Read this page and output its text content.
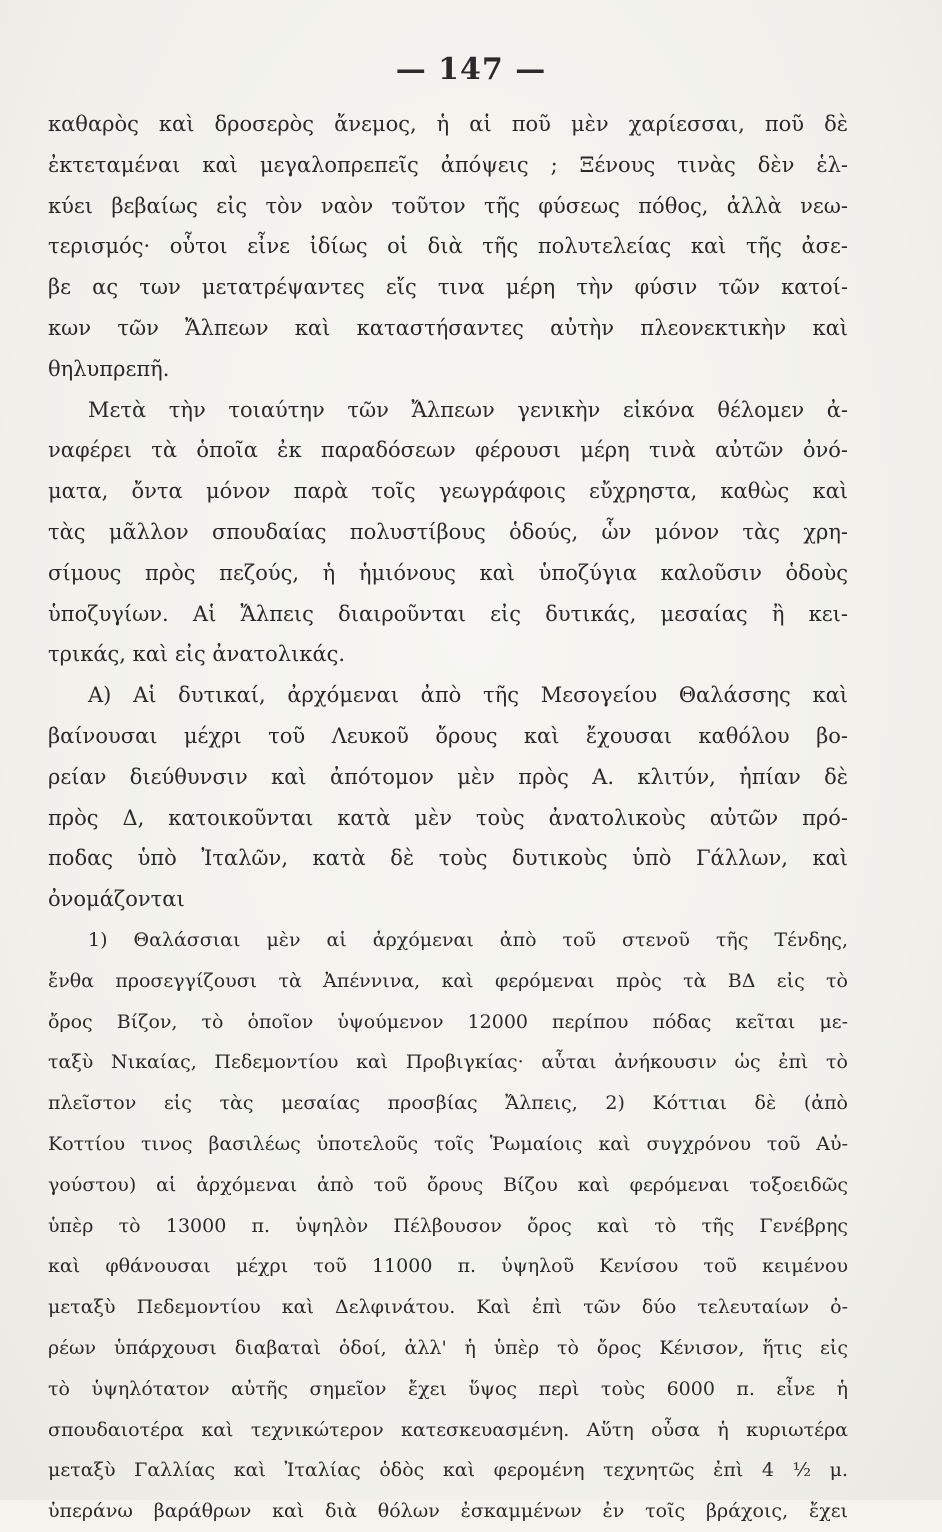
— 147 —
καθαρὸς καὶ δροσερὸς ἄνεμος, ἡ αἱ ποῦ μὲν χαρίεσσαι, ποῦ δὲ
ἐκτεταμέναι καὶ μεγαλοπρεπεῖς ἀπόψεις ; Ξένους τινὰς δὲν ἑλ-
κύει βεβαίως εἰς τὸν ναὸν τοῦτον τῆς φύσεως πόθος, ἀλλὰ νεω-
τερισμός· οὗτοι εἶνε ἰδίως οἱ διὰ τῆς πολυτελείας καὶ τῆς ἀσε-
βε ας των μετατρέψαντες εἴς τινα μέρη τὴν φύσιν τῶν κατοί-
κων τῶν Ἄλπεων καὶ καταστήσαντες αὐτὴν πλεονεκτικὴν καὶ
θηλυπρεπῆ.
Μετὰ τὴν τοιαύτην τῶν Ἄλπεων γενικὴν εἰκόνα θέλομεν ἀ-
ναφέρει τὰ ὁποῖα ἐκ παραδόσεων φέρουσι μέρη τινὰ αὐτῶν ὀνό-
ματα, ὄντα μόνον παρὰ τοῖς γεωγράφοις εὔχρηστα, καθὼς καὶ
τὰς μᾶλλον σπουδαίας πολυστίβους ὁδούς, ὧν μόνον τὰς χρη-
σίμους πρὸς πεζούς, ἡ ἡμιόνους καὶ ὑποζύγια καλοῦσιν ὁδοὺς
ὑποζυγίων. Αἱ Ἄλπεις διαιροῦνται εἰς δυτικάς, μεσαίας ἢ κει-
τρικάς, καὶ εἰς ἀνατολικάς.
Α) Αἱ δυτικαί, ἀρχόμεναι ἀπὸ τῆς Μεσογείου Θαλάσσης καὶ
βαίνουσαι μέχρι τοῦ Λευκοῦ ὄρους καὶ ἔχουσαι καθόλου βο-
ρείαν διεύθυνσιν καὶ ἀπότομον μὲν πρὸς Α. κλιτύν, ἠπίαν δὲ
πρὸς Δ, κατοικοῦνται κατὰ μὲν τοὺς ἀνατολικοὺς αὐτῶν πρό-
ποδας ὑπὸ Ἰταλῶν, κατὰ δὲ τοὺς δυτικοὺς ὑπὸ Γάλλων, καὶ
ὀνομάζονται
1) Θαλάσσιαι μὲν αἱ ἀρχόμεναι ἀπὸ τοῦ στενοῦ τῆς Τένδης,
ἔνθα προσεγγίζουσι τὰ Ἀπέννινα, καὶ φερόμεναι πρὸς τὰ ΒΔ εἰς τὸ
ὄρος Βίζον, τὸ ὁποῖον ὑψούμενον 12000 περίπου πόδας κεῖται με-
ταξὺ Νικαίας, Πεδεμοντίου καὶ Προβιγκίας· αὗται ἀνήκουσιν ὡς ἐπὶ τὸ
πλεῖστον εἰς τὰς μεσαίας προσβίας Ἄλπεις, 2) Κόττιαι δὲ (ἀπὸ
Κοττίου τινος βασιλέως ὑποτελοῦς τοῖς Ῥωμαίοις καὶ συγχρόνου τοῦ Αὐ-
γούστου) αἱ ἀρχόμεναι ἀπὸ τοῦ ὄρους Βίζου καὶ φερόμεναι τοξοειδῶς
ὑπὲρ τὸ 13000 π. ὑψηλὸν Πέλβουσον ὄρος καὶ τὸ τῆς Γενέβρης
καὶ φθάνουσαι μέχρι τοῦ 11000 π. ὑψηλοῦ Κενίσου τοῦ κειμένου
μεταξὺ Πεδεμοντίου καὶ Δελφινάτου. Καὶ ἐπὶ τῶν δύο τελευταίων ὀ-
ρέων ὑπάρχουσι διαβαταὶ ὁδοί, ἀλλ' ἡ ὑπὲρ τὸ ὄρος Κένισον, ἥτις εἰς
τὸ ὑψηλότατον αὐτῆς σημεῖον ἔχει ὕψος περὶ τοὺς 6000 π. εἶνε ἡ
σπουδαιοτέρα καὶ τεχνικώτερον κατεσκευασμένη. Αὕτη οὖσα ἡ κυριωτέρα
μεταξὺ Γαλλίας καὶ Ἰταλίας ὁδὸς καὶ φερομένη τεχνητῶς ἐπὶ 4 ½ μ.
ὑπεράνω βαράθρων καὶ διὰ θόλων ἐσκαμμένων ἐν τοῖς βράχοις, ἔχει
